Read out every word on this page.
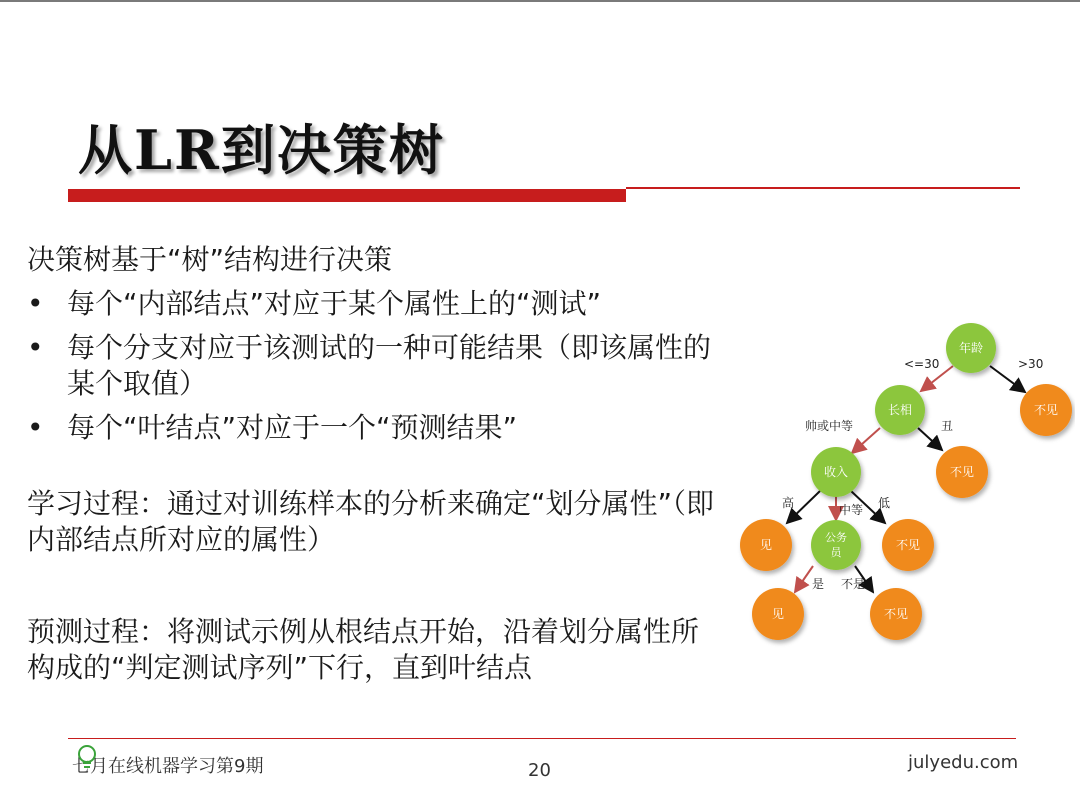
从LR到决策树

决策树基于“树”结构进行决策

• 每个“内部结点”对应于某个属性上的“测试”
• 每个分支对应于该测试的一种可能结果（即该属性的某个取值）
• 每个“叶结点”对应于一个“预测结果”

学习过程：通过对训练样本的分析来确定“划分属性”（即内部结点所对应的属性）

预测过程：将测试示例从根结点开始，沿着划分属性所构成的“判定测试序列”下行，直到叶结点

<=30	>30
帅或中等	丑
高	中等 低
是 不是
年龄
长相
收入
公务
员
不见
不见
见	不见
见	不见
七月在线机器学习第9期	20	julyedu.com
